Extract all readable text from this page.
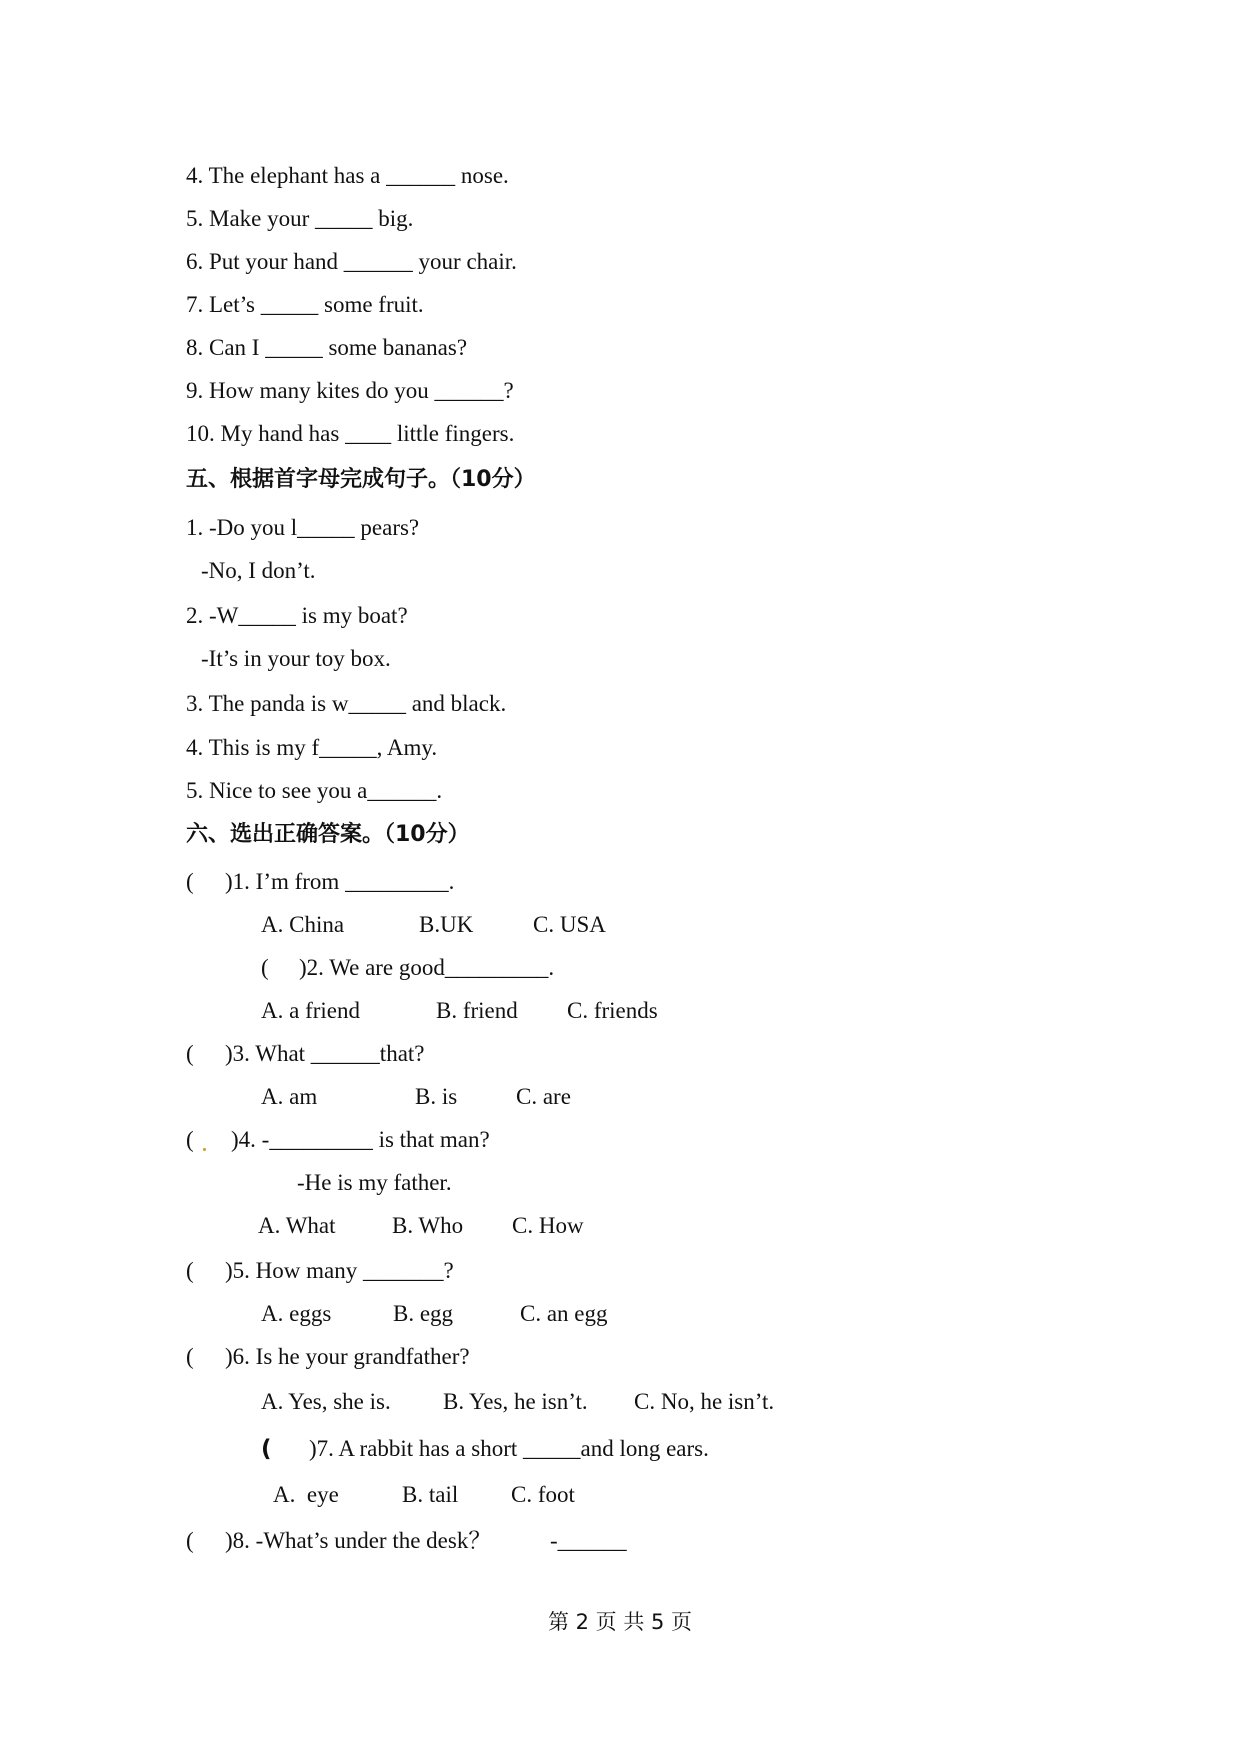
4. The elephant has a ______ nose.
5. Make your _____ big.
6. Put your hand ______ your chair.
7. Let’s _____ some fruit.
8. Can I _____ some bananas?
9. How many kites do you ______?
10. My hand has ____ little fingers.
五、根据首字母完成句子。（10分）
1. -Do you l_____ pears?
-No, I don’t.
2. -W_____ is my boat?
-It’s in your toy box.
3. The panda is w_____ and black.
4. This is my f_____, Amy.
5. Nice to see you a______.
六、选出正确答案。（10分）
( )1. I’m from _________.
A. China	B.UK	C. USA
( )2. We are good_________.
A. a friend	B. friend C. friends
( )3. What ______that?
A. am	B. is	C. are
( )4. -_________ is that man?
-He is my father.
A. What B. Who C. How
( )5. How many _______?
A. eggs	B. egg	C. an egg
( )6. Is he your grandfather?
A. Yes, she is. B. Yes, he isn’t. C. No, he isn’t.
( )7. A rabbit has a short _____and long ears.
A.  eye	B. tail C. foot
( )8. -What’s under the desk？	-______
第 2 页 共 5 页
